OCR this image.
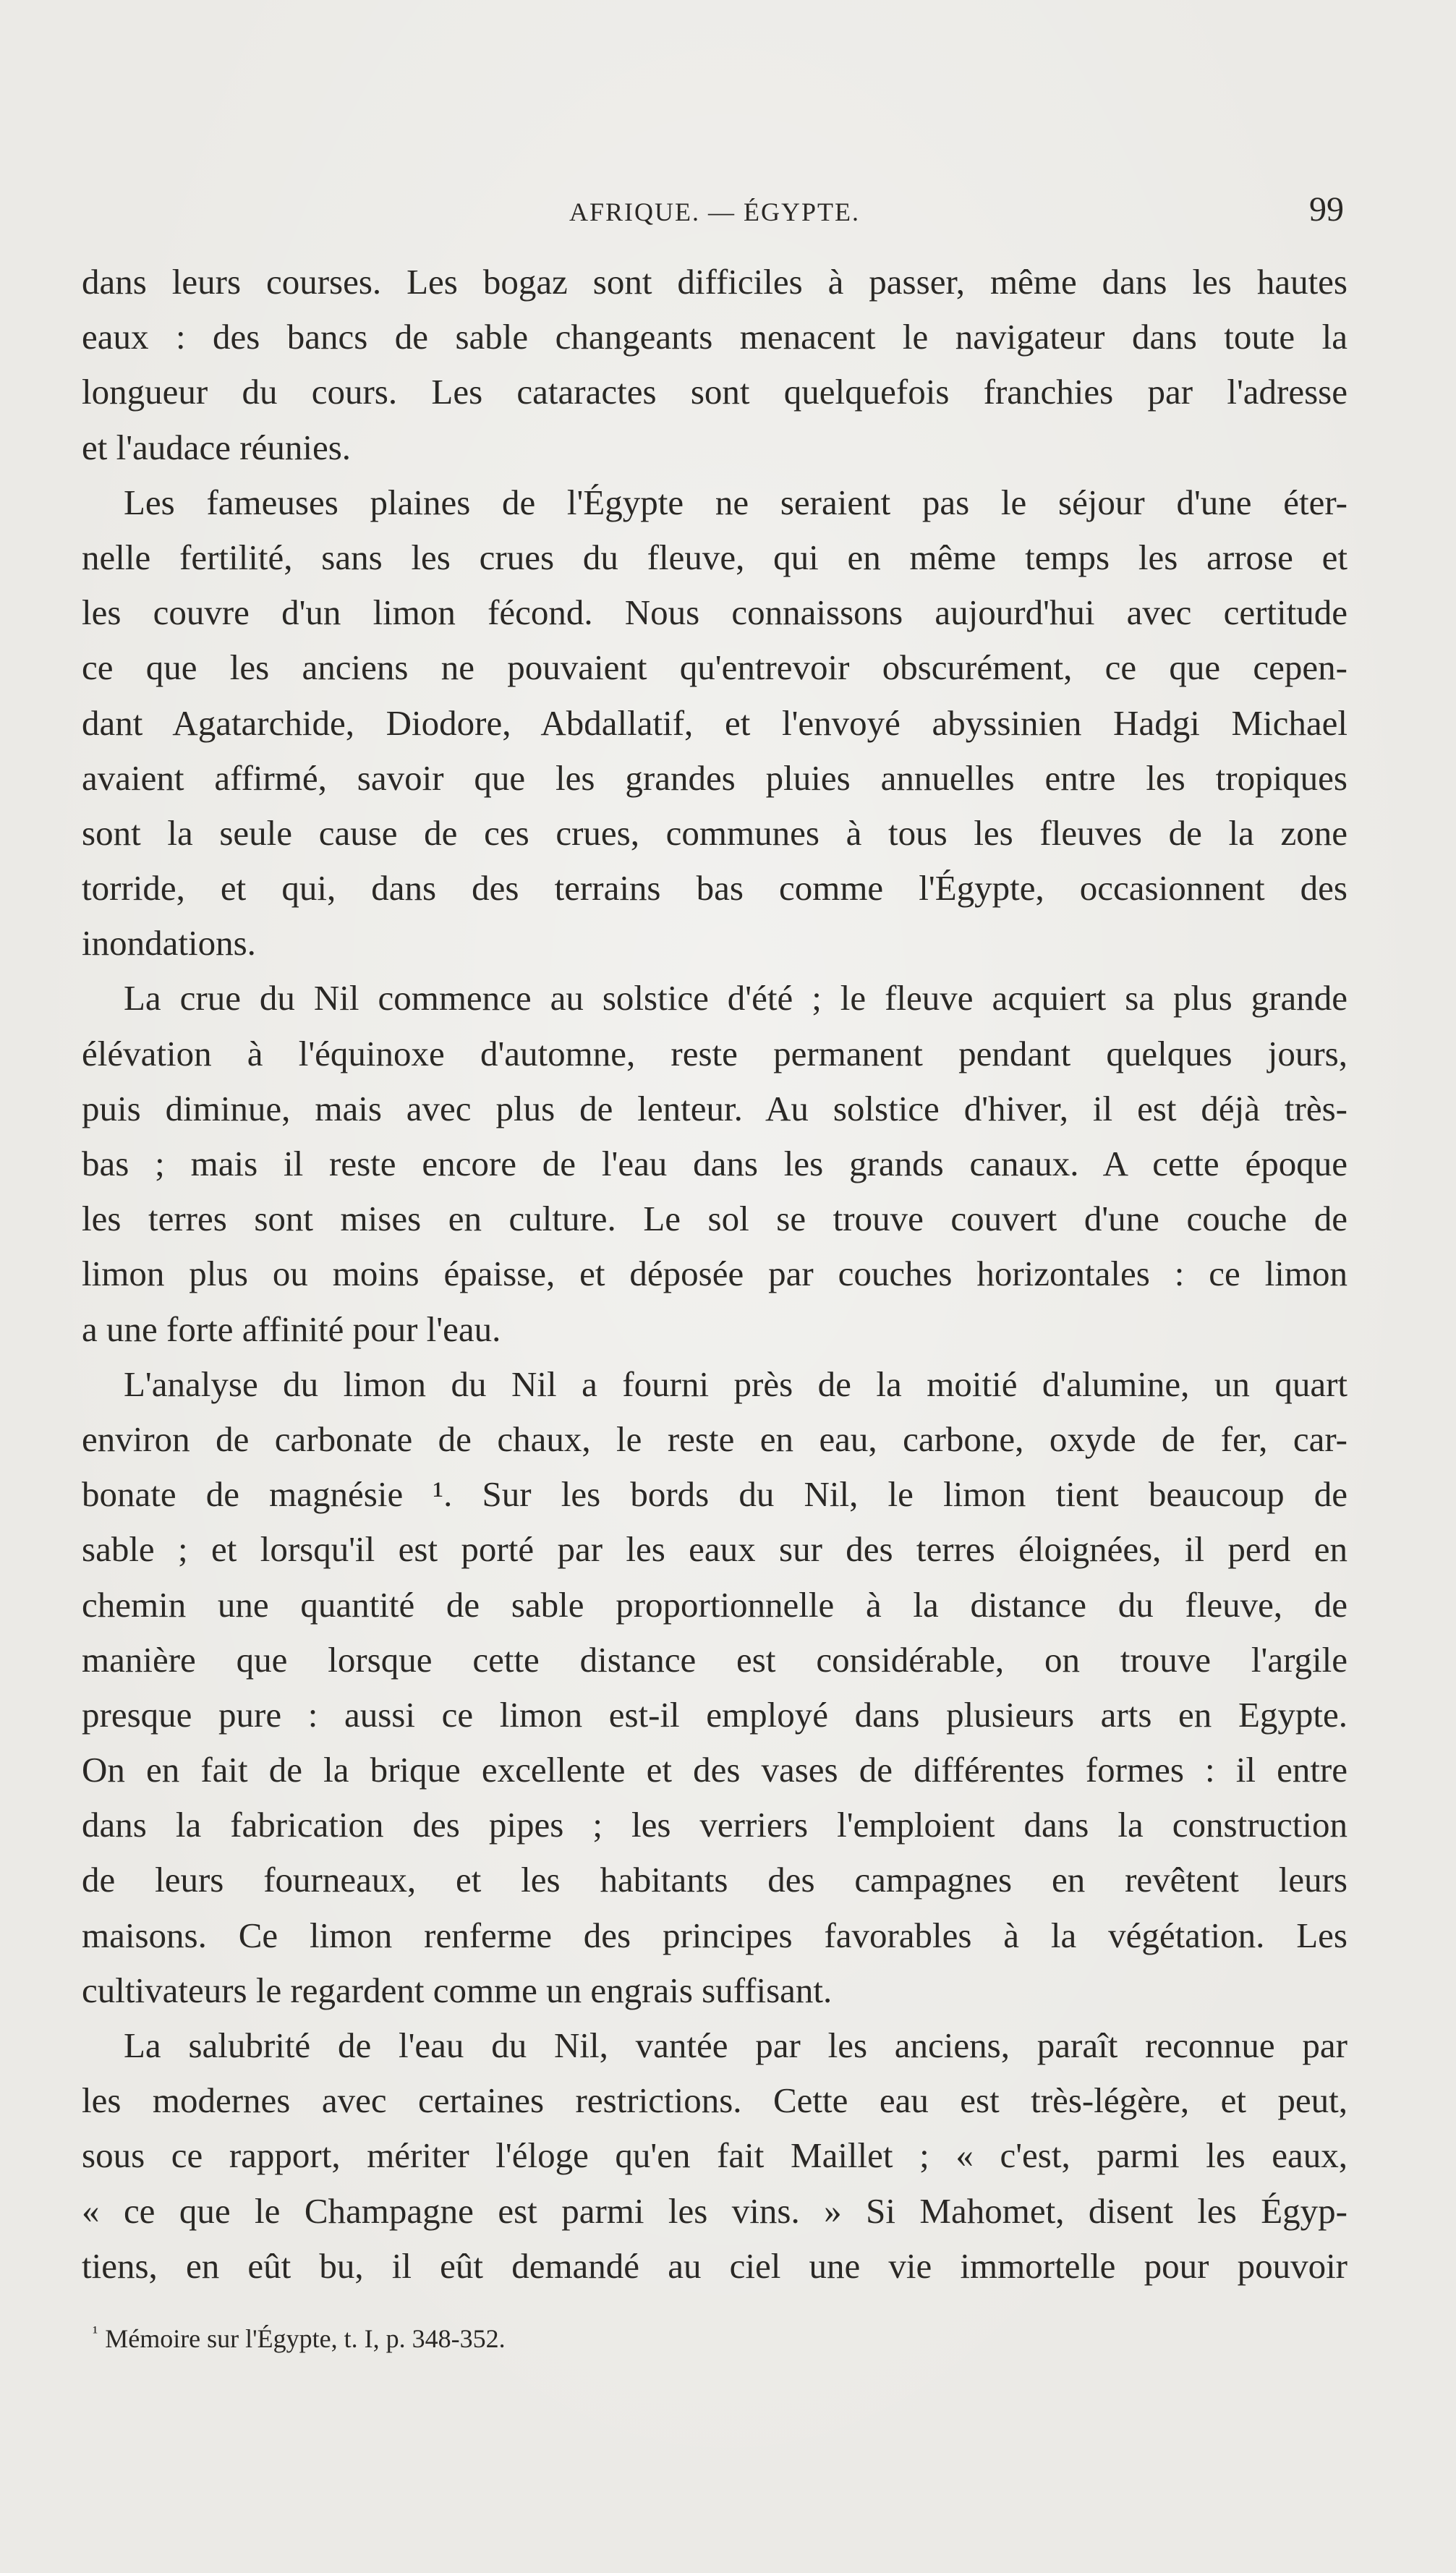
AFRIQUE. — ÉGYPTE.	99
dans leurs courses. Les bogaz sont difficiles à passer, même dans les hautes
eaux : des bancs de sable changeants menacent le navigateur dans toute la
longueur du cours. Les cataractes sont quelquefois franchies par l'adresse
et l'audace réunies.
Les fameuses plaines de l'Égypte ne seraient pas le séjour d'une éter-
nelle fertilité, sans les crues du fleuve, qui en même temps les arrose et
les couvre d'un limon fécond. Nous connaissons aujourd'hui avec certitude
ce que les anciens ne pouvaient qu'entrevoir obscurément, ce que cepen-
dant Agatarchide, Diodore, Abdallatif, et l'envoyé abyssinien Hadgi Michael
avaient affirmé, savoir que les grandes pluies annuelles entre les tropiques
sont la seule cause de ces crues, communes à tous les fleuves de la zone
torride, et qui, dans des terrains bas comme l'Égypte, occasionnent des
inondations.
La crue du Nil commence au solstice d'été ; le fleuve acquiert sa plus grande
élévation à l'équinoxe d'automne, reste permanent pendant quelques jours,
puis diminue, mais avec plus de lenteur. Au solstice d'hiver, il est déjà très-
bas ; mais il reste encore de l'eau dans les grands canaux. A cette époque
les terres sont mises en culture. Le sol se trouve couvert d'une couche de
limon plus ou moins épaisse, et déposée par couches horizontales : ce limon
a une forte affinité pour l'eau.
L'analyse du limon du Nil a fourni près de la moitié d'alumine, un quart
environ de carbonate de chaux, le reste en eau, carbone, oxyde de fer, car-
bonate de magnésie ¹. Sur les bords du Nil, le limon tient beaucoup de
sable ; et lorsqu'il est porté par les eaux sur des terres éloignées, il perd en
chemin une quantité de sable proportionnelle à la distance du fleuve, de
manière que lorsque cette distance est considérable, on trouve l'argile
presque pure : aussi ce limon est-il employé dans plusieurs arts en Egypte.
On en fait de la brique excellente et des vases de différentes formes : il entre
dans la fabrication des pipes ; les verriers l'emploient dans la construction
de leurs fourneaux, et les habitants des campagnes en revêtent leurs
maisons. Ce limon renferme des principes favorables à la végétation. Les
cultivateurs le regardent comme un engrais suffisant.
La salubrité de l'eau du Nil, vantée par les anciens, paraît reconnue par
les modernes avec certaines restrictions. Cette eau est très-légère, et peut,
sous ce rapport, mériter l'éloge qu'en fait Maillet ; « c'est, parmi les eaux,
« ce que le Champagne est parmi les vins. » Si Mahomet, disent les Égyp-
tiens, en eût bu, il eût demandé au ciel une vie immortelle pour pouvoir
$^{^1}$ Mémoire sur l'Égypte, t. I, p. 348-352.
